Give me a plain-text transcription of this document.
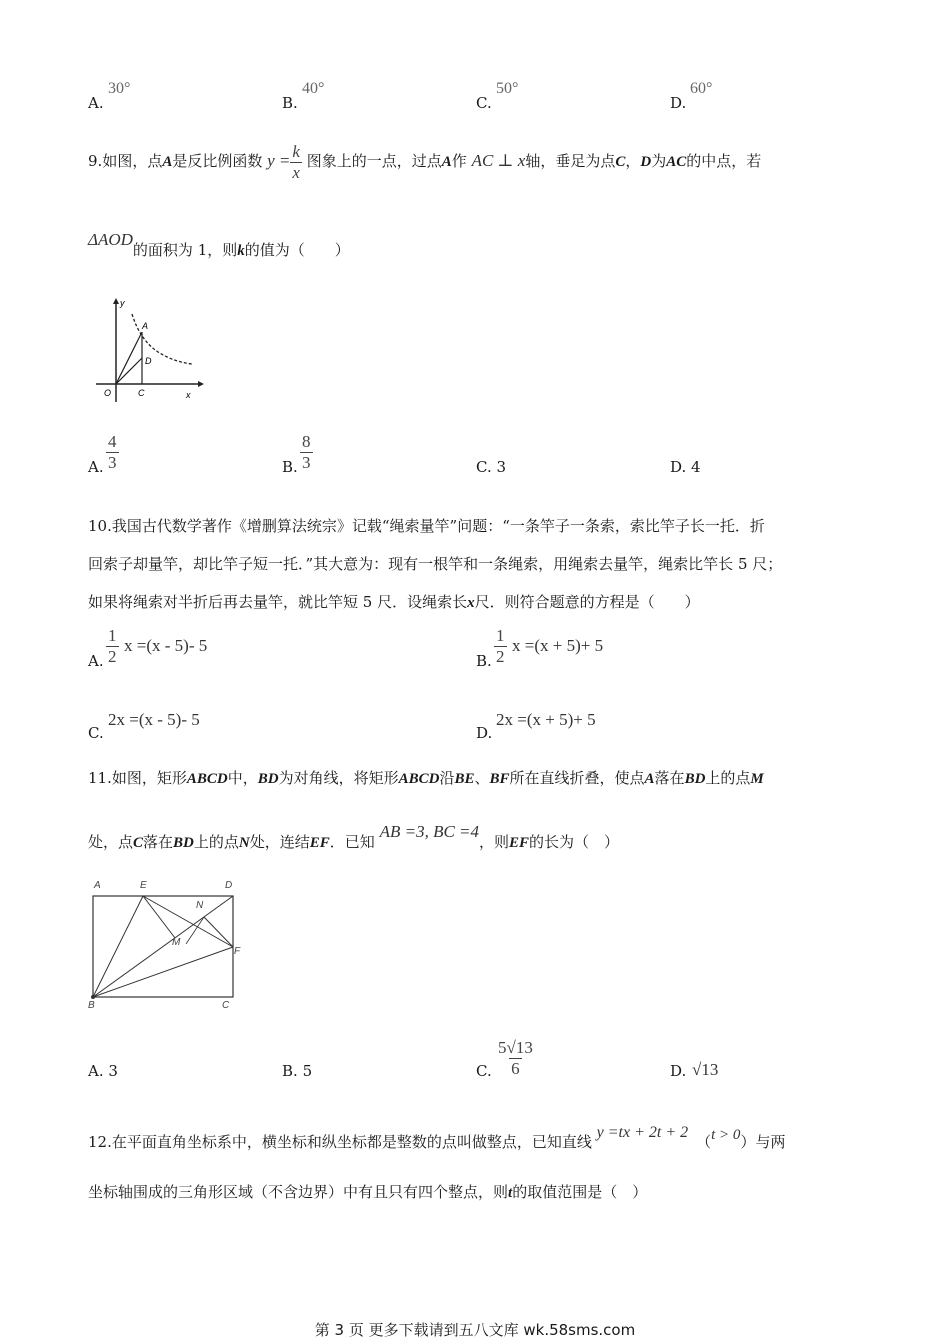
A.
30°
B.
40°
C.
50°
D.
60°
9.如图，点A是反比例函数 $y = \frac{k}{x}$ 图象上的一点，过点A作 AC ⊥ x轴，垂足为点C，D为AC的中点，若
ΔAOD的面积为 1，则k的值为（　　）
y
A
D
O	C	x
A. $\frac{4}{3}$	B. $\frac{8}{3}$	C. 3	D. 4
10.我国古代数学著作《增删算法统宗》记载“绳索量竿”问题：“一条竿子一条索，索比竿子长一托．折
回索子却量竿，却比竿子短一托．”其大意为：现有一根竿和一条绳索，用绳索去量竿，绳索比竿长 5 尺；
如果将绳索对半折后再去量竿，就比竿短 5 尺．设绳索长x尺．则符合题意的方程是（　　）
A. $\frac{1}{2}$ x =(x - 5)- 5
B. $\frac{1}{2}$ x =(x + 5)+ 5
C.
2x =(x - 5)- 5
D.
2x =(x + 5)+ 5
11.如图，矩形ABCD中，BD为对角线，将矩形ABCD沿BE、BF所在直线折叠，使点A落在BD上的点M
处，点C落在BD上的点N处，连结EF．已知 AB =3, BC =4，则EF的长为（　）
A	E	D
N
M
F
B	C
A. 3	B. 5	C. $\frac{5√13}{6}$	D. √13
12.在平面直角坐标系中，横坐标和纵坐标都是整数的点叫做整点，已知直线 y =tx + 2t + 2（t > 0）与两
坐标轴围成的三角形区域（不含边界）中有且只有四个整点，则t的取值范围是（　）
第 3 页 更多下载请到五八文库 wk.58sms.com
